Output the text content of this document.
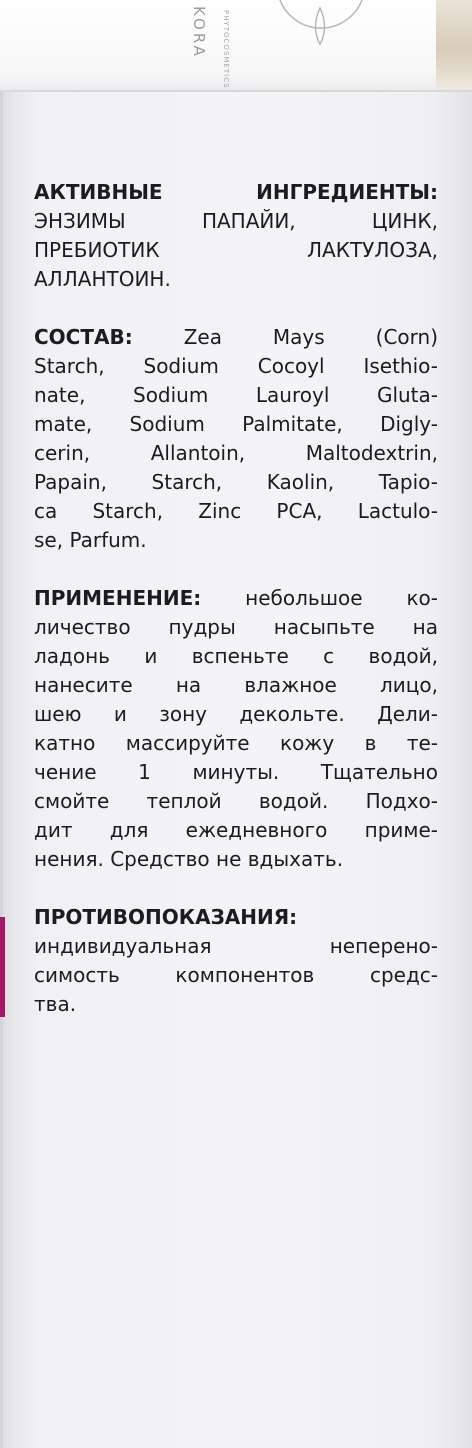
KORA	PHYTOCOSMETICS
АКТИВНЫЕ ИНГРЕДИЕНТЫ:
ЭНЗИМЫ ПАПАЙИ, ЦИНК,
ПРЕБИОТИК ЛАКТУЛОЗА,
АЛЛАНТОИН.
СОСТАВ:	Zea Mays (Corn)
Starch, Sodium Cocoyl Isethio-
nate, Sodium Lauroyl Gluta-
mate, Sodium Palmitate, Digly-
cerin, Allantoin, Maltodextrin,
Papain, Starch, Kaolin, Tapio-
ca Starch, Zinc PCA, Lactulo-
se, Parfum.
ПРИМЕНЕНИЕ: небольшое ко-
личество пудры насыпьте на
ладонь и вспеньте с водой,
нанесите на влажное лицо,
шею и зону декольте. Дели-
катно массируйте кожу в те-
чение 1 минуты. Тщательно
смойте теплой водой. Подхо-
дит для ежедневного приме-
нения. Средство не вдыхать.
ПРОТИВОПОКАЗАНИЯ:
индивидуальная неперено-
симость компонентов средс-
тва.
